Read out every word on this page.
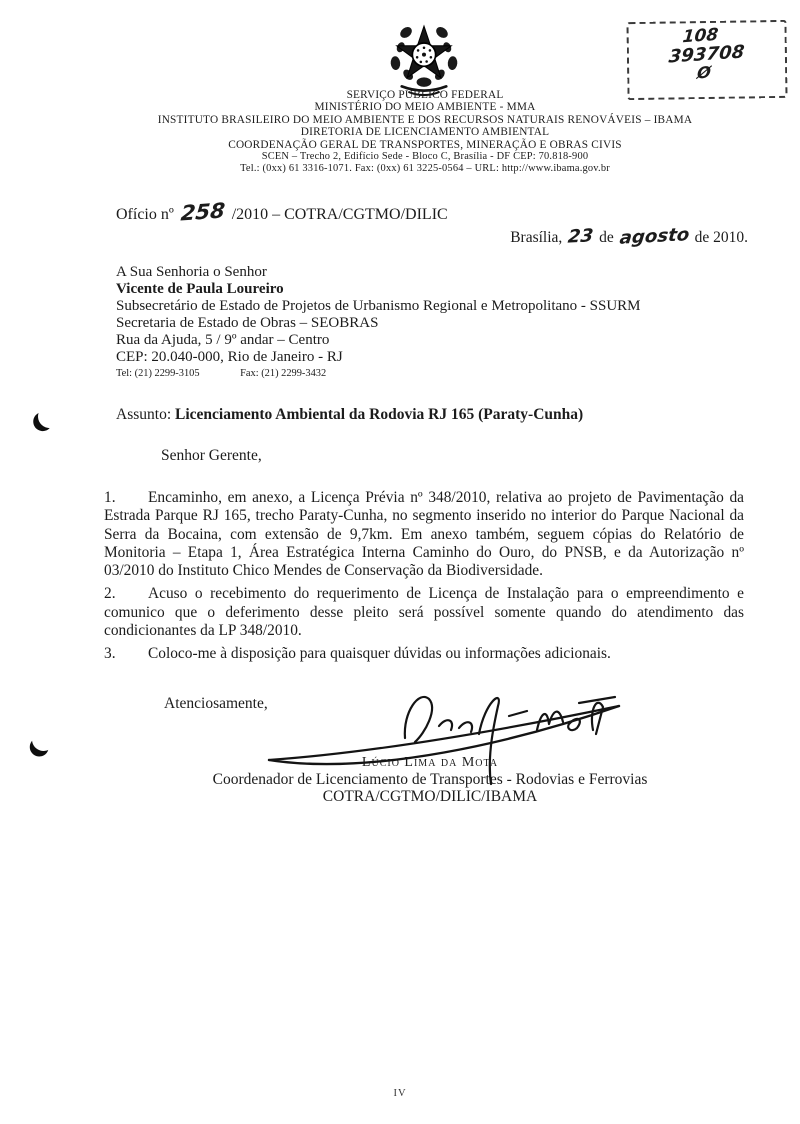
108
393708
Ø
SERVIÇO PÚBLICO FEDERAL
MINISTÉRIO DO MEIO AMBIENTE - MMA
INSTITUTO BRASILEIRO DO MEIO AMBIENTE E DOS RECURSOS NATURAIS RENOVÁVEIS – IBAMA
DIRETORIA DE LICENCIAMENTO AMBIENTAL
COORDENAÇÃO GERAL DE TRANSPORTES, MINERAÇÃO E OBRAS CIVIS
SCEN – Trecho 2, Edifício Sede - Bloco C, Brasília - DF CEP: 70.818-900
Tel.: (0xx) 61 3316-1071. Fax: (0xx) 61 3225-0564 – URL: http://www.ibama.gov.br
Ofício nº 258 /2010 – COTRA/CGTMO/DILIC
Brasília, 23 de agosto de 2010.
A Sua Senhoria o Senhor
Vicente de Paula Loureiro
Subsecretário de Estado de Projetos de Urbanismo Regional e Metropolitano - SSURM
Secretaria de Estado de Obras – SEOBRAS
Rua da Ajuda, 5 / 9º andar – Centro
CEP: 20.040-000, Rio de Janeiro - RJ
Tel: (21) 2299-3105	Fax: (21) 2299-3432
Assunto: Licenciamento Ambiental da Rodovia RJ 165 (Paraty-Cunha)
Senhor Gerente,

1. Encaminho, em anexo, a Licença Prévia nº 348/2010, relativa ao projeto de Pavimentação da Estrada Parque RJ 165, trecho Paraty-Cunha, no segmento inserido no interior do Parque Nacional da Serra da Bocaina, com extensão de 9,7km. Em anexo também, seguem cópias do Relatório de Monitoria – Etapa 1, Área Estratégica Interna Caminho do Ouro, do PNSB, e da Autorização nº 03/2010 do Instituto Chico Mendes de Conservação da Biodiversidade.

2. Acuso o recebimento do requerimento de Licença de Instalação para o empreendimento e comunico que o deferimento desse pleito será possível somente quando do atendimento das condicionantes da LP 348/2010.

3. Coloco-me à disposição para quaisquer dúvidas ou informações adicionais.

Atenciosamente,
Lúcio Lima da Mota
Coordenador de Licenciamento de Transportes - Rodovias e Ferrovias
COTRA/CGTMO/DILIC/IBAMA
IV
